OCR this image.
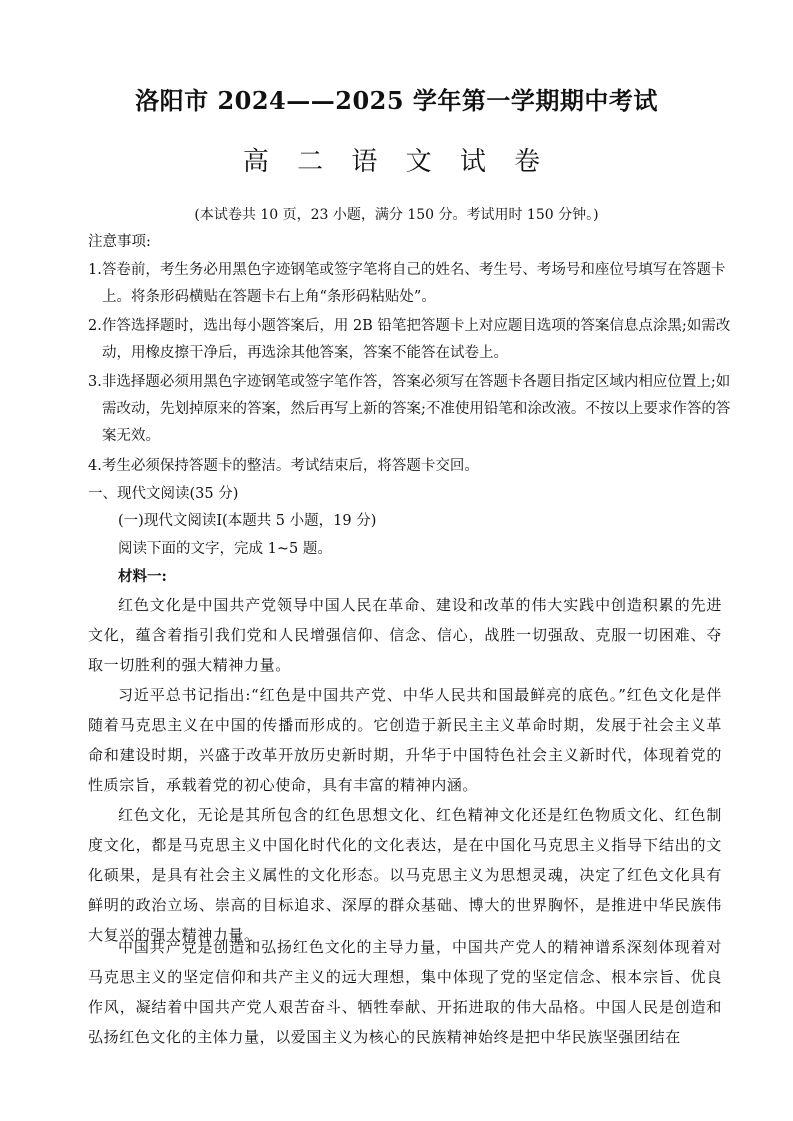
洛阳市 2024——2025 学年第一学期期中考试
高 二 语 文 试 卷
(本试卷共 10 页，23 小题，满分 150 分。考试用时 150 分钟。)
注意事项:
1.答卷前，考生务必用黑色字迹钢笔或签字笔将自己的姓名、考生号、考场号和座位号填写在答题卡上。将条形码横贴在答题卡右上角“条形码粘贴处”。
2.作答选择题时，选出每小题答案后，用 2B 铅笔把答题卡上对应题目选项的答案信息点涂黑;如需改动，用橡皮擦干净后，再选涂其他答案，答案不能答在试卷上。
3.非选择题必须用黑色字迹钢笔或签字笔作答，答案必须写在答题卡各题目指定区域内相应位置上;如需改动，先划掉原来的答案，然后再写上新的答案;不准使用铅笔和涂改液。不按以上要求作答的答案无效。
4.考生必须保持答题卡的整洁。考试结束后，将答题卡交回。
一、现代文阅读(35 分)
(一)现代文阅读Ⅰ(本题共 5 小题，19 分)
阅读下面的文字，完成 1~5 题。
材料一:
红色文化是中国共产党领导中国人民在革命、建设和改革的伟大实践中创造积累的先进文化，蕴含着指引我们党和人民增强信仰、信念、信心，战胜一切强敌、克服一切困难、夺取一切胜利的强大精神力量。
习近平总书记指出:“红色是中国共产党、中华人民共和国最鲜亮的底色。”红色文化是伴随着马克思主义在中国的传播而形成的。它创造于新民主主义革命时期，发展于社会主义革命和建设时期，兴盛于改革开放历史新时期，升华于中国特色社会主义新时代，体现着党的性质宗旨，承载着党的初心使命，具有丰富的精神内涵。
红色文化，无论是其所包含的红色思想文化、红色精神文化还是红色物质文化、红色制度文化，都是马克思主义中国化时代化的文化表达，是在中国化马克思主义指导下结出的文化硕果，是具有社会主义属性的文化形态。以马克思主义为思想灵魂，决定了红色文化具有鲜明的政治立场、崇高的目标追求、深厚的群众基础、博大的世界胸怀，是推进中华民族伟大复兴的强大精神力量。
中国共产党是创造和弘扬红色文化的主导力量，中国共产党人的精神谱系深刻体现着对马克思主义的坚定信仰和共产主义的远大理想，集中体现了党的坚定信念、根本宗旨、优良作风，凝结着中国共产党人艰苦奋斗、牺牲奉献、开拓进取的伟大品格。中国人民是创造和弘扬红色文化的主体力量，以爱国主义为核心的民族精神始终是把中华民族坚强团结在
